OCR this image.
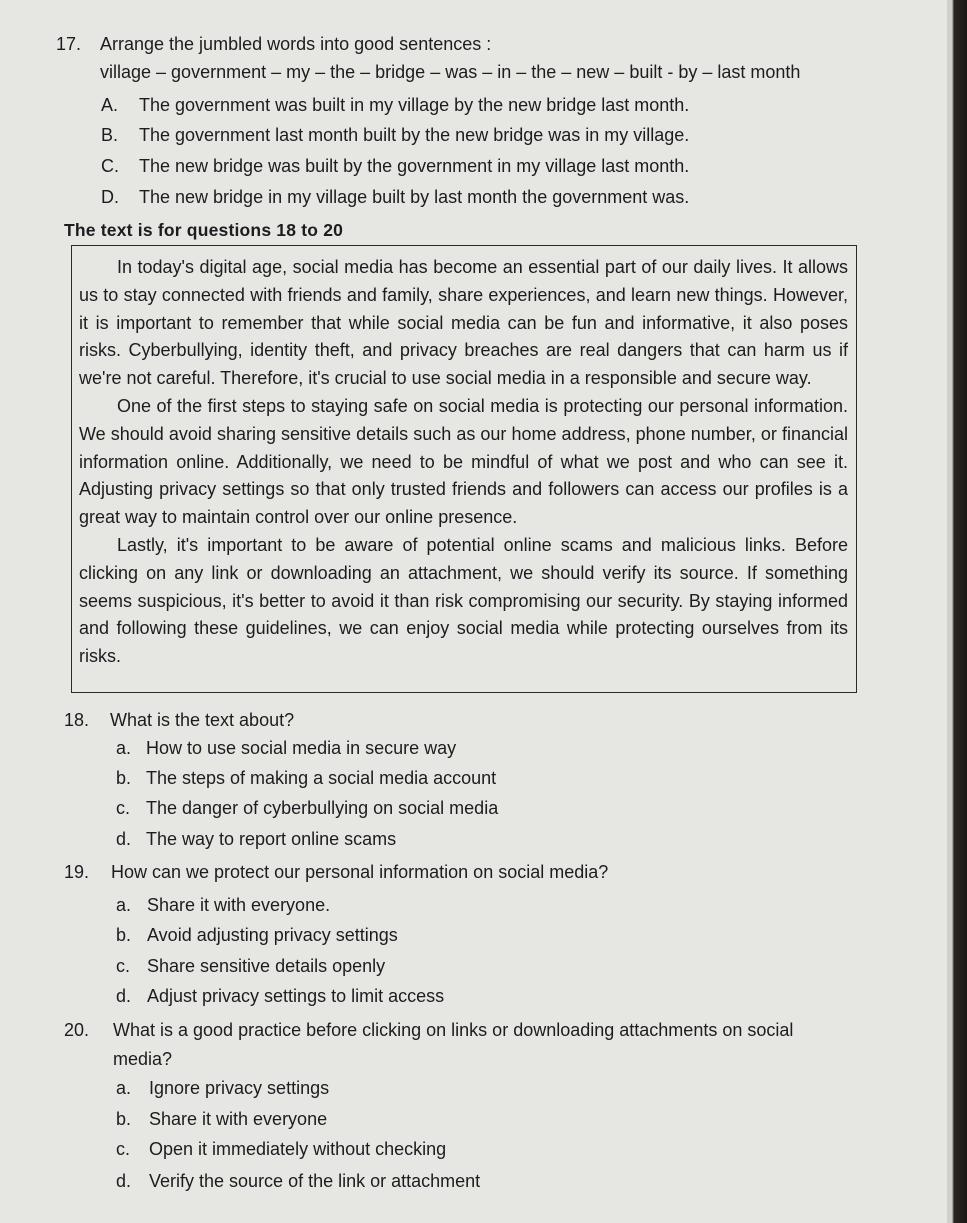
17. Arrange the jumbled words into good sentences :
village – government – my – the – bridge – was – in – the – new – built - by – last month
A. The government was built in my village by the new bridge last month.
B. The government last month built by the new bridge was in my village.
C. The new bridge was built by the government in my village last month.
D. The new bridge in my village built by last month the government was.
The text is for questions 18 to 20

In today's digital age, social media has become an essential part of our daily lives. It allows us to stay connected with friends and family, share experiences, and learn new things. However, it is important to remember that while social media can be fun and informative, it also poses risks. Cyberbullying, identity theft, and privacy breaches are real dangers that can harm us if we're not careful. Therefore, it's crucial to use social media in a responsible and secure way.

One of the first steps to staying safe on social media is protecting our personal information. We should avoid sharing sensitive details such as our home address, phone number, or financial information online. Additionally, we need to be mindful of what we post and who can see it. Adjusting privacy settings so that only trusted friends and followers can access our profiles is a great way to maintain control over our online presence.

Lastly, it's important to be aware of potential online scams and malicious links. Before clicking on any link or downloading an attachment, we should verify its source. If something seems suspicious, it's better to avoid it than risk compromising our security. By staying informed and following these guidelines, we can enjoy social media while protecting ourselves from its risks.

18. What is the text about?
a. How to use social media in secure way
b. The steps of making a social media account
c. The danger of cyberbullying on social media
d. The way to report online scams
19. How can we protect our personal information on social media?
a. Share it with everyone.
b. Avoid adjusting privacy settings
c. Share sensitive details openly
d. Adjust privacy settings to limit access
20. What is a good practice before clicking on links or downloading attachments on social
media?
a. Ignore privacy settings
b. Share it with everyone
c. Open it immediately without checking
d. Verify the source of the link or attachment
